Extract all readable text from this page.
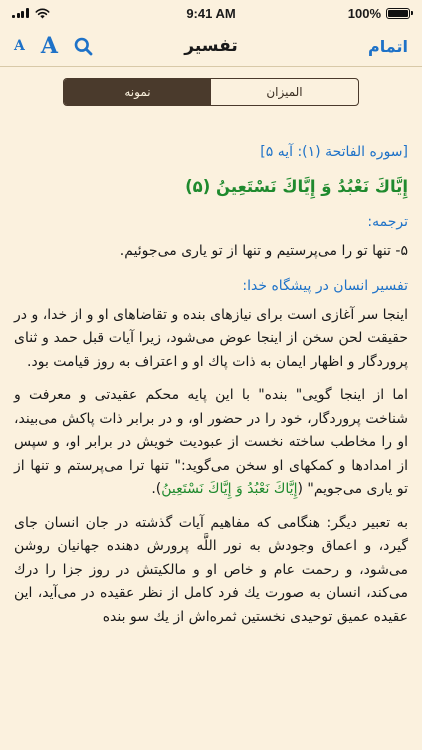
9:41 AM	100%
A A	تفسیر	اتمام
نمونه	المیزان
[سوره الفاتحة (١): آيه ۵]
إِيَّاكَ نَعْبُدُ وَ إِيَّاكَ نَسْتَعِينُ (۵)
ترجمه:
۵- تنها تو را می‌پرستیم و تنها از تو یاری می‌جوئیم.
تفسیر انسان در پیشگاه خدا:
اینجا سر آغازی است برای نیازهای بنده و تقاضاهای او و از خدا، و در حقیقت لحن سخن از اینجا عوض می‌شود، زیرا آیات قبل حمد و ثنای پروردگار و اظهار ایمان به ذات پاك او و اعتراف به روز قیامت بود.
اما از اینجا گویی" بنده" با این پایه محکم عقیدتی و معرفت و شناخت پروردگار، خود را در حضور او، و در برابر ذات پاکش می‌بیند، او را مخاطب ساخته نخست از عبودیت خویش در برابر او، و سپس از امدادها و کمکهای او سخن می‌گوید:" تنها ترا می‌پرستم و تنها از تو یاری می‌جویم" (إِيَّاكَ نَعْبُدُ وَ إِيَّاكَ نَسْتَعِينُ).
به تعبیر دیگر: هنگامی که مفاهیم آیات گذشته در جان انسان جای گیرد، و اعماق وجودش به نور اللَّه پرورش دهنده جهانیان روشن می‌شود، و رحمت عام و خاص او و مالکیتش در روز جزا را درك می‌كند، انسان به صورت یك فرد كامل از نظر عقیده در می‌آید، این عقیده عمیق توحیدی نخستین ثمره‌اش از یك سو بنده
